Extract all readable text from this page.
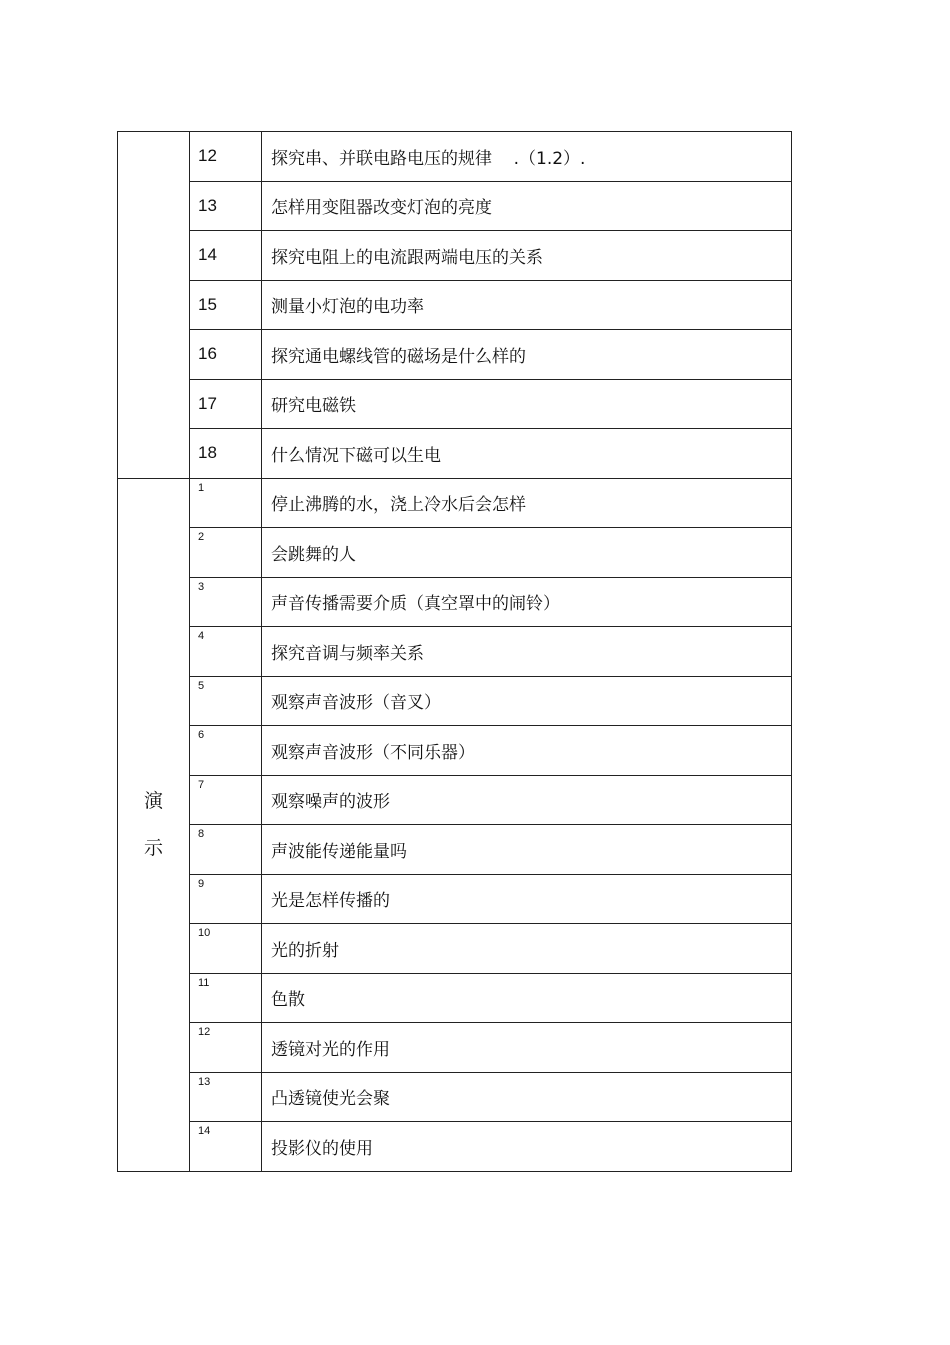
	12	探究串、并联电路电压的规律    .（1.2）.
	13	怎样用变阻器改变灯泡的亮度
	14	探究电阻上的电流跟两端电压的关系
	15	测量小灯泡的电功率
	16	探究通电螺线管的磁场是什么样的
	17	研究电磁铁
	18	什么情况下磁可以生电

演
示	1	停止沸腾的水，浇上冷水后会怎样
	2	会跳舞的人
	3	声音传播需要介质（真空罩中的闹铃）
	4	探究音调与频率关系
	5	观察声音波形（音叉）
	6	观察声音波形（不同乐器）
	7	观察噪声的波形
	8	声波能传递能量吗
	9	光是怎样传播的
	10	光的折射
	11	色散
	12	透镜对光的作用
	13	凸透镜使光会聚
	14	投影仪的使用
